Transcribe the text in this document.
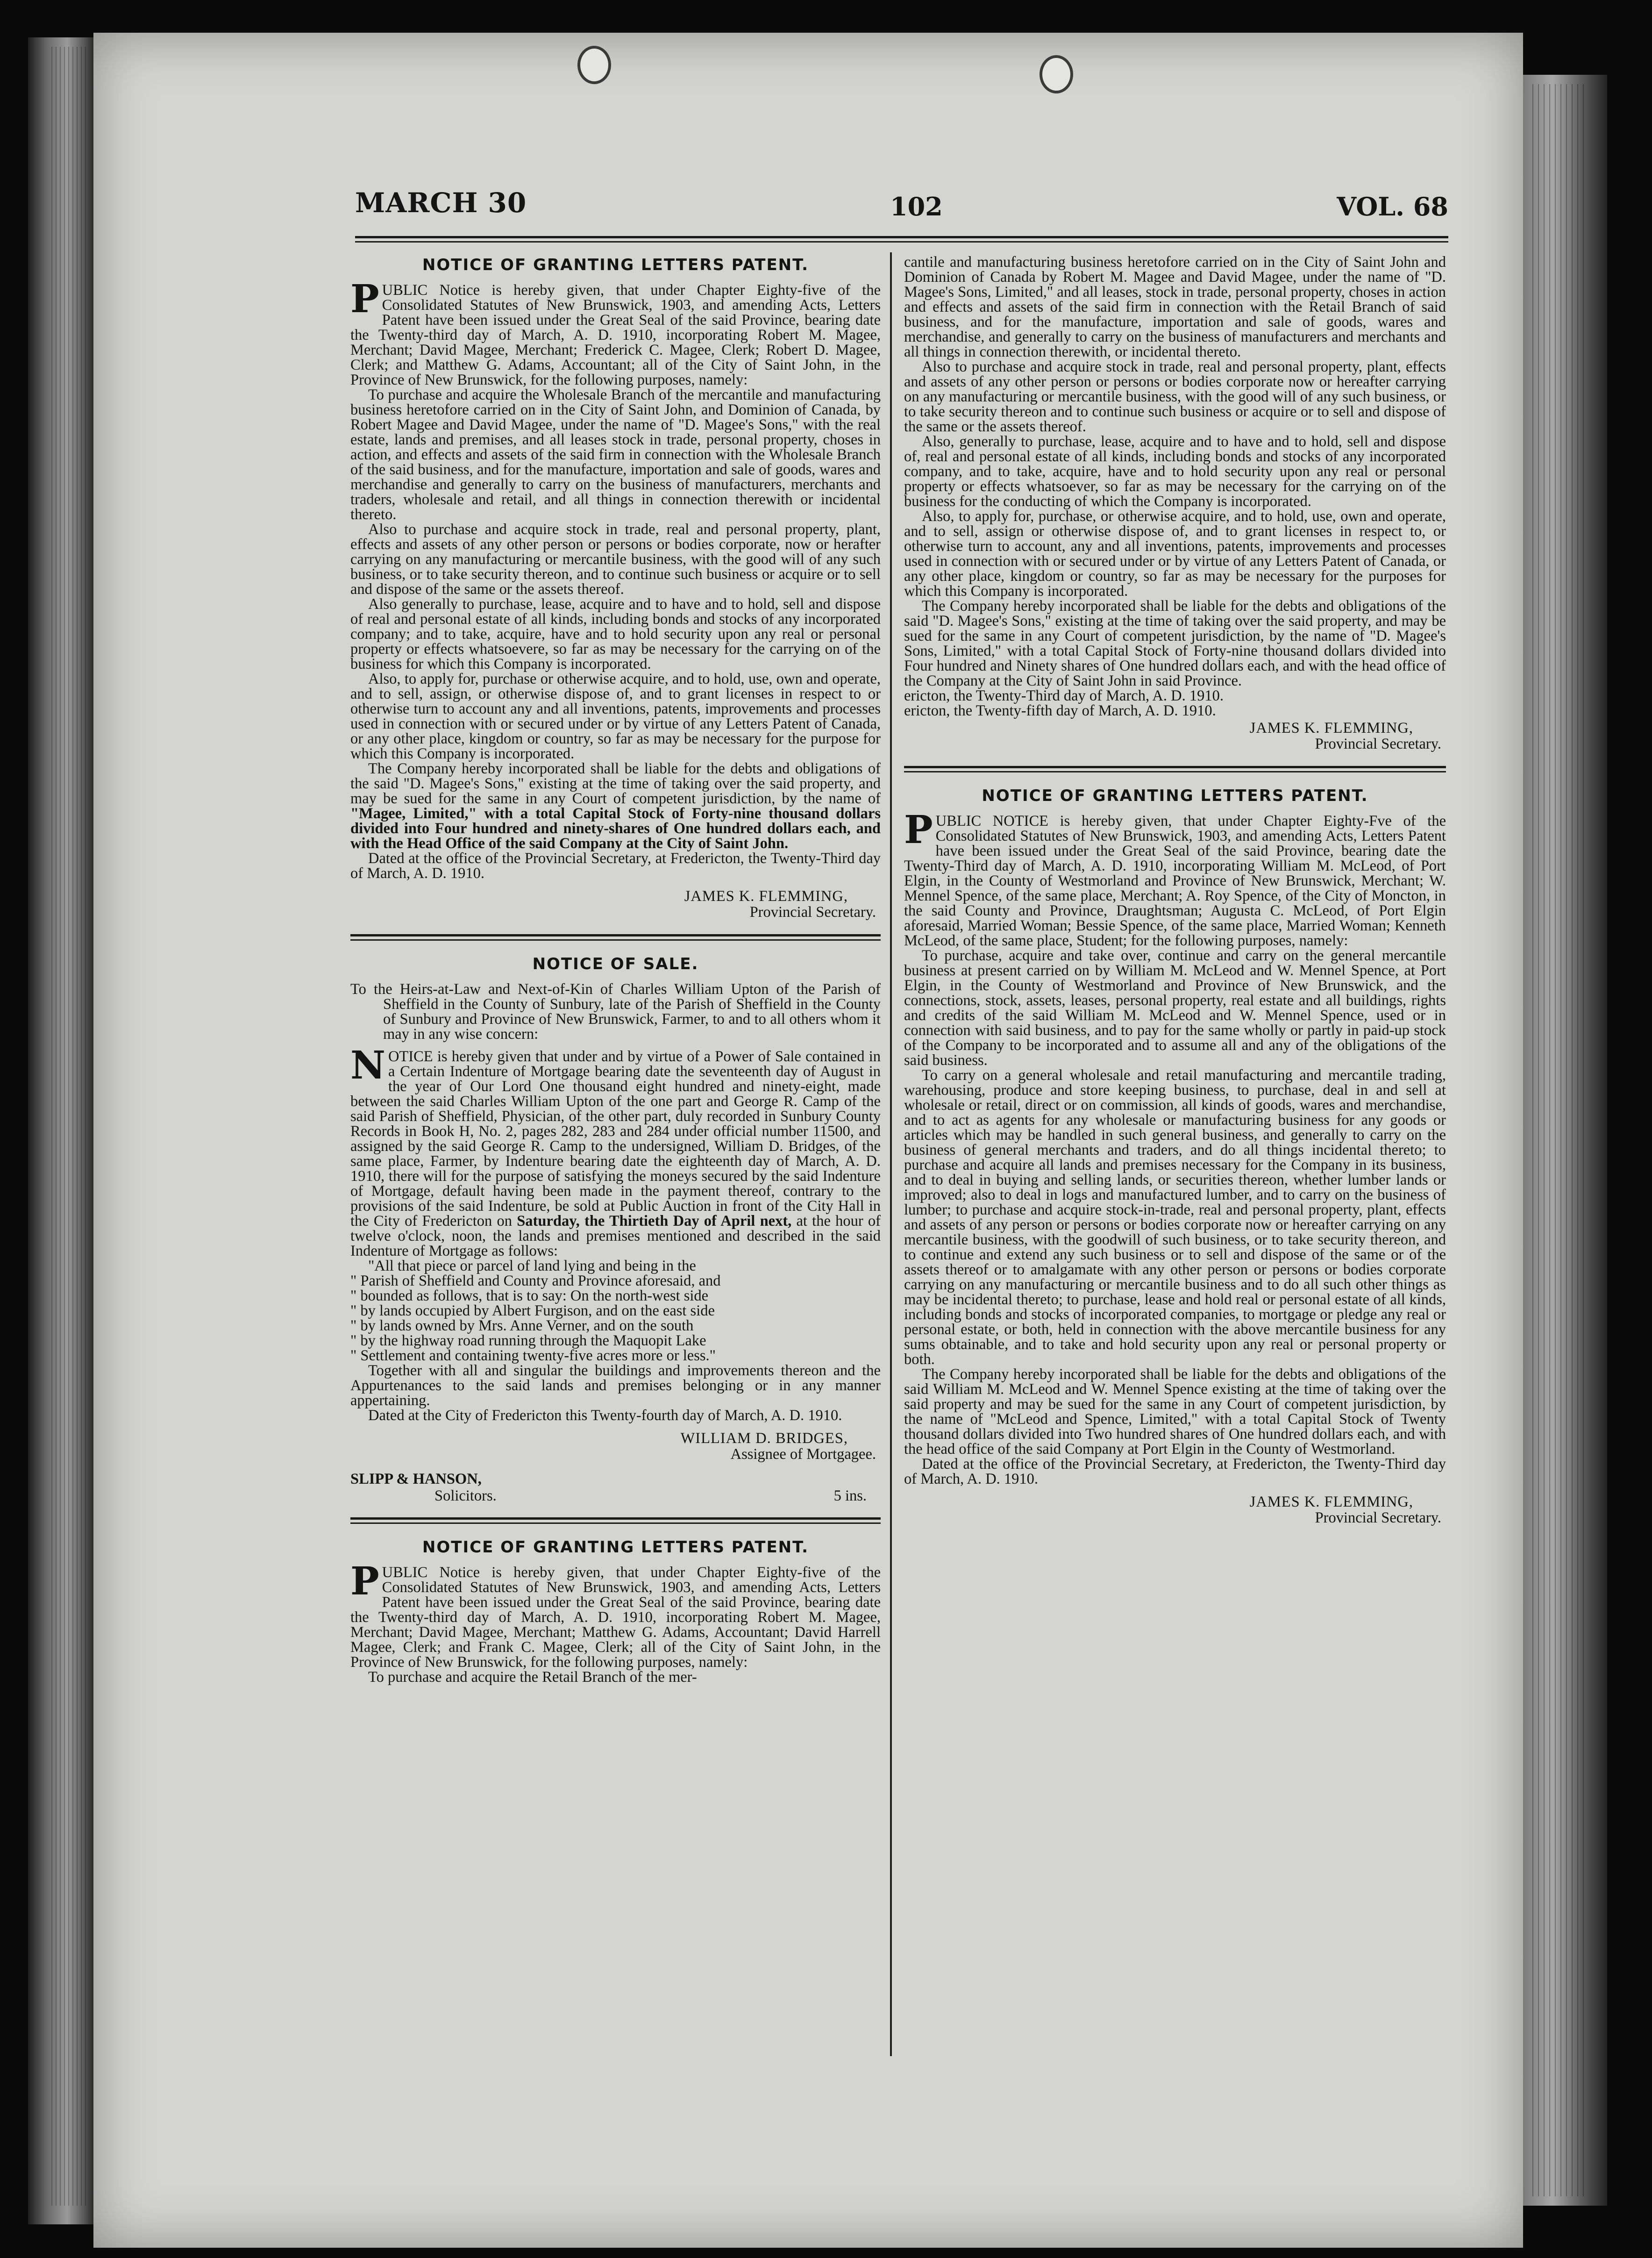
MARCH 30	102	VOL. 68
NOTICE OF GRANTING LETTERS PATENT.

PUBLIC Notice is hereby given, that under Chapter Eighty-five of the Consolidated Statutes of New Brunswick, 1903, and amending Acts, Letters Patent have been issued under the Great Seal of the said Province, bearing date the Twenty-third day of March, A. D. 1910, incorporating Robert M. Magee, Merchant; David Magee, Merchant; Frederick C. Magee, Clerk; Robert D. Magee, Clerk; and Matthew G. Adams, Accountant; all of the City of Saint John, in the Province of New Brunswick, for the following purposes, namely:

To purchase and acquire the Wholesale Branch of the mercantile and manufacturing business heretofore carried on in the City of Saint John, and Dominion of Canada, by Robert Magee and David Magee, under the name of "D. Magee's Sons," with the real estate, lands and premises, and all leases stock in trade, personal property, choses in action, and effects and assets of the said firm in connection with the Wholesale Branch of the said business, and for the manufacture, importation and sale of goods, wares and merchandise and generally to carry on the business of manufacturers, merchants and traders, wholesale and retail, and all things in connection therewith or incidental thereto.

Also to purchase and acquire stock in trade, real and personal property, plant, effects and assets of any other person or persons or bodies corporate, now or herafter carrying on any manufacturing or mercantile business, with the good will of any such business, or to take security thereon, and to continue such business or acquire or to sell and dispose of the same or the assets thereof.

Also generally to purchase, lease, acquire and to have and to hold, sell and dispose of real and personal estate of all kinds, including bonds and stocks of any incorporated company; and to take, acquire, have and to hold security upon any real or personal property or effects whatsoevere, so far as may be necessary for the carrying on of the business for which this Company is incorporated.

Also, to apply for, purchase or otherwise acquire, and to hold, use, own and operate, and to sell, assign, or otherwise dispose of, and to grant licenses in respect to or otherwise turn to account any and all inventions, patents, improvements and processes used in connection with or secured under or by virtue of any Letters Patent of Canada, or any other place, kingdom or country, so far as may be necessary for the purpose for which this Company is incorporated.

The Company hereby incorporated shall be liable for the debts and obligations of the said "D. Magee's Sons," existing at the time of taking over the said property, and may be sued for the same in any Court of competent jurisdiction, by the name of "Magee, Limited," with a total Capital Stock of Forty-nine thousand dollars divided into Four hundred and ninety-shares of One hundred dollars each, and with the Head Office of the said Company at the City of Saint John.

Dated at the office of the Provincial Secretary, at Fredericton, the Twenty-Third day of March, A. D. 1910.

JAMES K. FLEMMING,
Provincial Secretary.
NOTICE OF SALE.

To the Heirs-at-Law and Next-of-Kin of Charles William Upton of the Parish of Sheffield in the County of Sunbury, late of the Parish of Sheffield in the County of Sunbury and Province of New Brunswick, Farmer, to and to all others whom it may in any wise concern:

NOTICE is hereby given that under and by virtue of a Power of Sale contained in a Certain Indenture of Mortgage bearing date the seventeenth day of August in the year of Our Lord One thousand eight hundred and ninety-eight, made between the said Charles William Upton of the one part and George R. Camp of the said Parish of Sheffield, Physician, of the other part, duly recorded in Sunbury County Records in Book H, No. 2, pages 282, 283 and 284 under official number 11500, and assigned by the said George R. Camp to the undersigned, William D. Bridges, of the same place, Farmer, by Indenture bearing date the eighteenth day of March, A. D. 1910, there will for the purpose of satisfying the moneys secured by the said Indenture of Mortgage, default having been made in the payment thereof, contrary to the provisions of the said Indenture, be sold at Public Auction in front of the City Hall in the City of Fredericton on Saturday, the Thirtieth Day of April next, at the hour of twelve o'clock, noon, the lands and premises mentioned and described in the said Indenture of Mortgage as follows:

"All that piece or parcel of land lying and being in the

" Parish of Sheffield and County and Province aforesaid, and

" bounded as follows, that is to say: On the north-west side

" by lands occupied by Albert Furgison, and on the east side

" by lands owned by Mrs. Anne Verner, and on the south

" by the highway road running through the Maquopit Lake

" Settlement and containing twenty-five acres more or less."

Together with all and singular the buildings and improvements thereon and the Appurtenances to the said lands and premises belonging or in any manner appertaining.

Dated at the City of Fredericton this Twenty-fourth day of March, A. D. 1910.

WILLIAM D. BRIDGES,
Assignee of Mortgagee.
SLIPP & HANSON,
Solicitors.	5 ins.
NOTICE OF GRANTING LETTERS PATENT.

PUBLIC Notice is hereby given, that under Chapter Eighty-five of the Consolidated Statutes of New Brunswick, 1903, and amending Acts, Letters Patent have been issued under the Great Seal of the said Province, bearing date the Twenty-third day of March, A. D. 1910, incorporating Robert M. Magee, Merchant; David Magee, Merchant; Matthew G. Adams, Accountant; David Harrell Magee, Clerk; and Frank C. Magee, Clerk; all of the City of Saint John, in the Province of New Brunswick, for the following purposes, namely:

To purchase and acquire the Retail Branch of the mer-

cantile and manufacturing business heretofore carried on in the City of Saint John and Dominion of Canada by Robert M. Magee and David Magee, under the name of "D. Magee's Sons, Limited," and all leases, stock in trade, personal property, choses in action and effects and assets of the said firm in connection with the Retail Branch of said business, and for the manufacture, importation and sale of goods, wares and merchandise, and generally to carry on the business of manufacturers and merchants and all things in connection therewith, or incidental thereto.

Also to purchase and acquire stock in trade, real and personal property, plant, effects and assets of any other person or persons or bodies corporate now or hereafter carrying on any manufacturing or mercantile business, with the good will of any such business, or to take security thereon and to continue such business or acquire or to sell and dispose of the same or the assets thereof.

Also, generally to purchase, lease, acquire and to have and to hold, sell and dispose of, real and personal estate of all kinds, including bonds and stocks of any incorporated company, and to take, acquire, have and to hold security upon any real or personal property or effects whatsoever, so far as may be necessary for the carrying on of the business for the conducting of which the Company is incorporated.

Also, to apply for, purchase, or otherwise acquire, and to hold, use, own and operate, and to sell, assign or otherwise dispose of, and to grant licenses in respect to, or otherwise turn to account, any and all inventions, patents, improvements and processes used in connection with or secured under or by virtue of any Letters Patent of Canada, or any other place, kingdom or country, so far as may be necessary for the purposes for which this Company is incorporated.

The Company hereby incorporated shall be liable for the debts and obligations of the said "D. Magee's Sons," existing at the time of taking over the said property, and may be sued for the same in any Court of competent jurisdiction, by the name of "D. Magee's Sons, Limited," with a total Capital Stock of Forty-nine thousand dollars divided into Four hundred and Ninety shares of One hundred dollars each, and with the head office of the Company at the City of Saint John in said Province.

ericton, the Twenty-Third day of March, A. D. 1910.

ericton, the Twenty-fifth day of March, A. D. 1910.

JAMES K. FLEMMING,
Provincial Secretary.
NOTICE OF GRANTING LETTERS PATENT.

PUBLIC NOTICE is hereby given, that under Chapter Eighty-Fve of the Consolidated Statutes of New Brunswick, 1903, and amending Acts, Letters Patent have been issued under the Great Seal of the said Province, bearing date the Twenty-Third day of March, A. D. 1910, incorporating William M. McLeod, of Port Elgin, in the County of Westmorland and Province of New Brunswick, Merchant; W. Mennel Spence, of the same place, Merchant; A. Roy Spence, of the City of Moncton, in the said County and Province, Draughtsman; Augusta C. McLeod, of Port Elgin aforesaid, Married Woman; Bessie Spence, of the same place, Married Woman; Kenneth McLeod, of the same place, Student; for the following purposes, namely:

To purchase, acquire and take over, continue and carry on the general mercantile business at present carried on by William M. McLeod and W. Mennel Spence, at Port Elgin, in the County of Westmorland and Province of New Brunswick, and the connections, stock, assets, leases, personal property, real estate and all buildings, rights and credits of the said William M. McLeod and W. Mennel Spence, used or in connection with said business, and to pay for the same wholly or partly in paid-up stock of the Company to be incorporated and to assume all and any of the obligations of the said business.

To carry on a general wholesale and retail manufacturing and mercantile trading, warehousing, produce and store keeping business, to purchase, deal in and sell at wholesale or retail, direct or on commission, all kinds of goods, wares and merchandise, and to act as agents for any wholesale or manufacturing business for any goods or articles which may be handled in such general business, and generally to carry on the business of general merchants and traders, and do all things incidental thereto; to purchase and acquire all lands and premises necessary for the Company in its business, and to deal in buying and selling lands, or securities thereon, whether lumber lands or improved; also to deal in logs and manufactured lumber, and to carry on the business of lumber; to purchase and acquire stock-in-trade, real and personal property, plant, effects and assets of any person or persons or bodies corporate now or hereafter carrying on any mercantile business, with the goodwill of such business, or to take security thereon, and to continue and extend any such business or to sell and dispose of the same or of the assets thereof or to amalgamate with any other person or persons or bodies corporate carrying on any manufacturing or mercantile business and to do all such other things as may be incidental thereto; to purchase, lease and hold real or personal estate of all kinds, including bonds and stocks of incorporated companies, to mortgage or pledge any real or personal estate, or both, held in connection with the above mercantile business for any sums obtainable, and to take and hold security upon any real or personal property or both.

The Company hereby incorporated shall be liable for the debts and obligations of the said William M. McLeod and W. Mennel Spence existing at the time of taking over the said property and may be sued for the same in any Court of competent jurisdiction, by the name of "McLeod and Spence, Limited," with a total Capital Stock of Twenty thousand dollars divided into Two hundred shares of One hundred dollars each, and with the head office of the said Company at Port Elgin in the County of Westmorland.

Dated at the office of the Provincial Secretary, at Fredericton, the Twenty-Third day of March, A. D. 1910.

JAMES K. FLEMMING,
Provincial Secretary.
